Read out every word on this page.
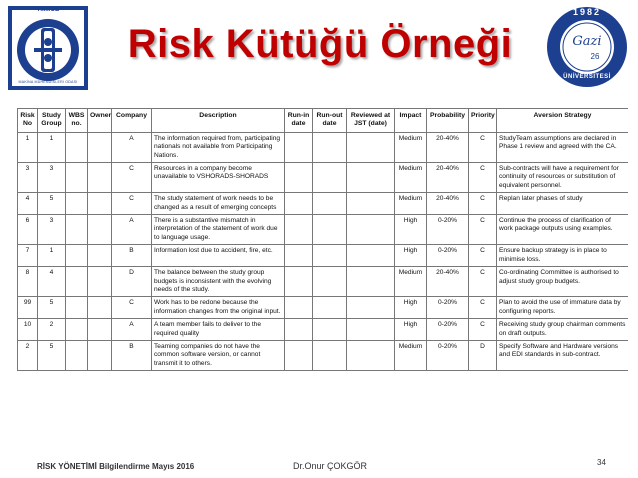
TMMOB
MAKİNA MÜHENDİSLERİ ODASI
Risk Kütüğü Örneği
1982
Gazi
26
ÜNİVERSİTESİ
Risk No	Study Group	WBS no.	Owner	Company	Description	Run-in date	Run-out date	Reviewed at JST (date)	Impact	Probability	Priority	Aversion Strategy
1	1			A	The information required from, participating nationals not available from Participating Nations.				Medium	20-40%	C	StudyTeam assumptions are declared in Phase 1 review and agreed with the CA.
3	3			C	Resources in a company become unavailable to VSHORADS-SHORADS				Medium	20-40%	C	Sub-contracts will have a requirement for continuity of resources or substitution of equivalent personnel.
4	5			C	The study statement of work needs to be changed as a result of emerging concepts				Medium	20-40%	C	Replan later phases of study
6	3			A	There is a substantive mismatch in interpretation of the statement of work due to language usage.				High	0-20%	C	Continue the process of clarification of work package outputs using examples.
7	1			B	Information lost due to accident, fire, etc.				High	0-20%	C	Ensure backup strategy is in place to minimise loss.
8	4			D	The balance between the study group budgets is inconsistent with the evolving needs of the study.				Medium	20-40%	C	Co-ordinating Committee is authorised to adjust study group budgets.
99	5			C	Work has to be redone because the information changes from the original input.				High	0-20%	C	Plan to avoid the use of immature data by configuring reports.
10	2			A	A team member fails to deliver to the required quality				High	0-20%	C	Receiving study group chairman comments on draft outputs.
2	5			B	Teaming companies do not have the common software version, or cannot transmit it to others.				Medium	0-20%	D	Specify Software and Hardware versions and EDI standards in sub-contract.
RİSK YÖNETİMİ Bilgilendirme Mayıs 2016	Dr.Onur ÇOKGÖR	34
